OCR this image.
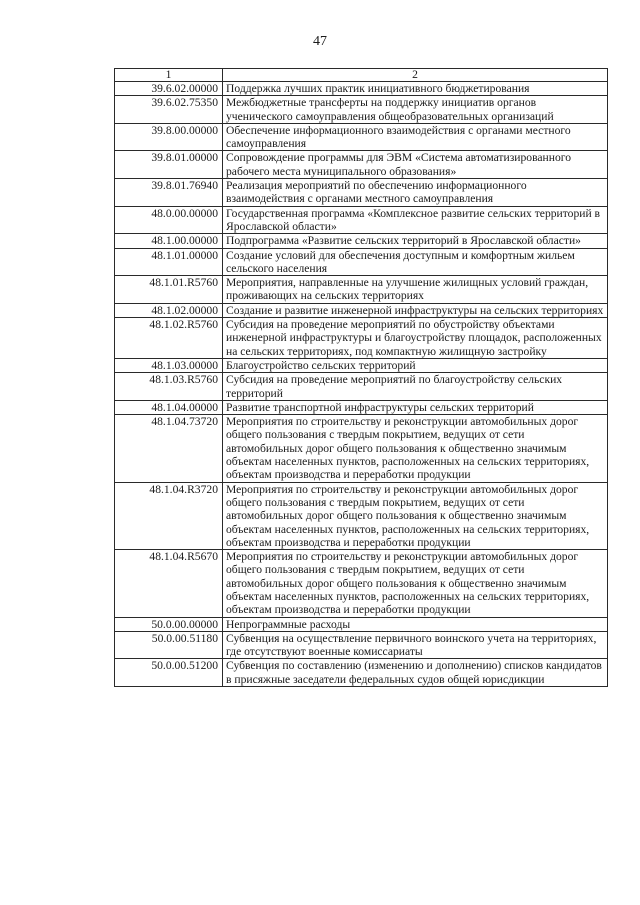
47
1	2
39.6.02.00000	Поддержка лучших практик инициативного бюджетирования
39.6.02.75350	Межбюджетные трансферты на поддержку инициатив органов ученического самоуправления общеобразовательных организаций
39.8.00.00000	Обеспечение информационного взаимодействия с органами местного самоуправления
39.8.01.00000	Сопровождение программы для ЭВМ «Система автоматизированного рабочего места муниципального образования»
39.8.01.76940	Реализация мероприятий по обеспечению информационного взаимодействия с органами местного самоуправления
48.0.00.00000	Государственная программа «Комплексное развитие сельских территорий в Ярославской области»
48.1.00.00000	Подпрограмма «Развитие сельских территорий в Ярославской области»
48.1.01.00000	Создание условий для обеспечения доступным и комфортным жильем сельского населения
48.1.01.R5760	Мероприятия, направленные на улучшение жилищных условий граждан, проживающих на сельских территориях
48.1.02.00000	Создание и развитие инженерной инфраструктуры на сельских территориях
48.1.02.R5760	Субсидия на проведение мероприятий по обустройству объектами инженерной инфраструктуры и благоустройству площадок, расположенных на сельских территориях, под компактную жилищную застройку
48.1.03.00000	Благоустройство сельских территорий
48.1.03.R5760	Субсидия на проведение мероприятий по благоустройству сельских территорий
48.1.04.00000	Развитие транспортной инфраструктуры сельских территорий
48.1.04.73720	Мероприятия по строительству и реконструкции автомобильных дорог общего пользования с твердым покрытием, ведущих от сети автомобильных дорог общего пользования к общественно значимым объектам населенных пунктов, расположенных на сельских территориях, объектам производства и переработки продукции
48.1.04.R3720	Мероприятия по строительству и реконструкции автомобильных дорог общего пользования с твердым покрытием, ведущих от сети автомобильных дорог общего пользования к общественно значимым объектам населенных пунктов, расположенных на сельских территориях, объектам производства и переработки продукции
48.1.04.R5670	Мероприятия по строительству и реконструкции автомобильных дорог общего пользования с твердым покрытием, ведущих от сети автомобильных дорог общего пользования к общественно значимым объектам населенных пунктов, расположенных на сельских территориях, объектам производства и переработки продукции
50.0.00.00000	Непрограммные расходы
50.0.00.51180	Субвенция на осуществление первичного воинского учета на территориях, где отсутствуют военные комиссариаты
50.0.00.51200	Субвенция по составлению (изменению и дополнению) списков кандидатов в присяжные заседатели федеральных судов общей юрисдикции
